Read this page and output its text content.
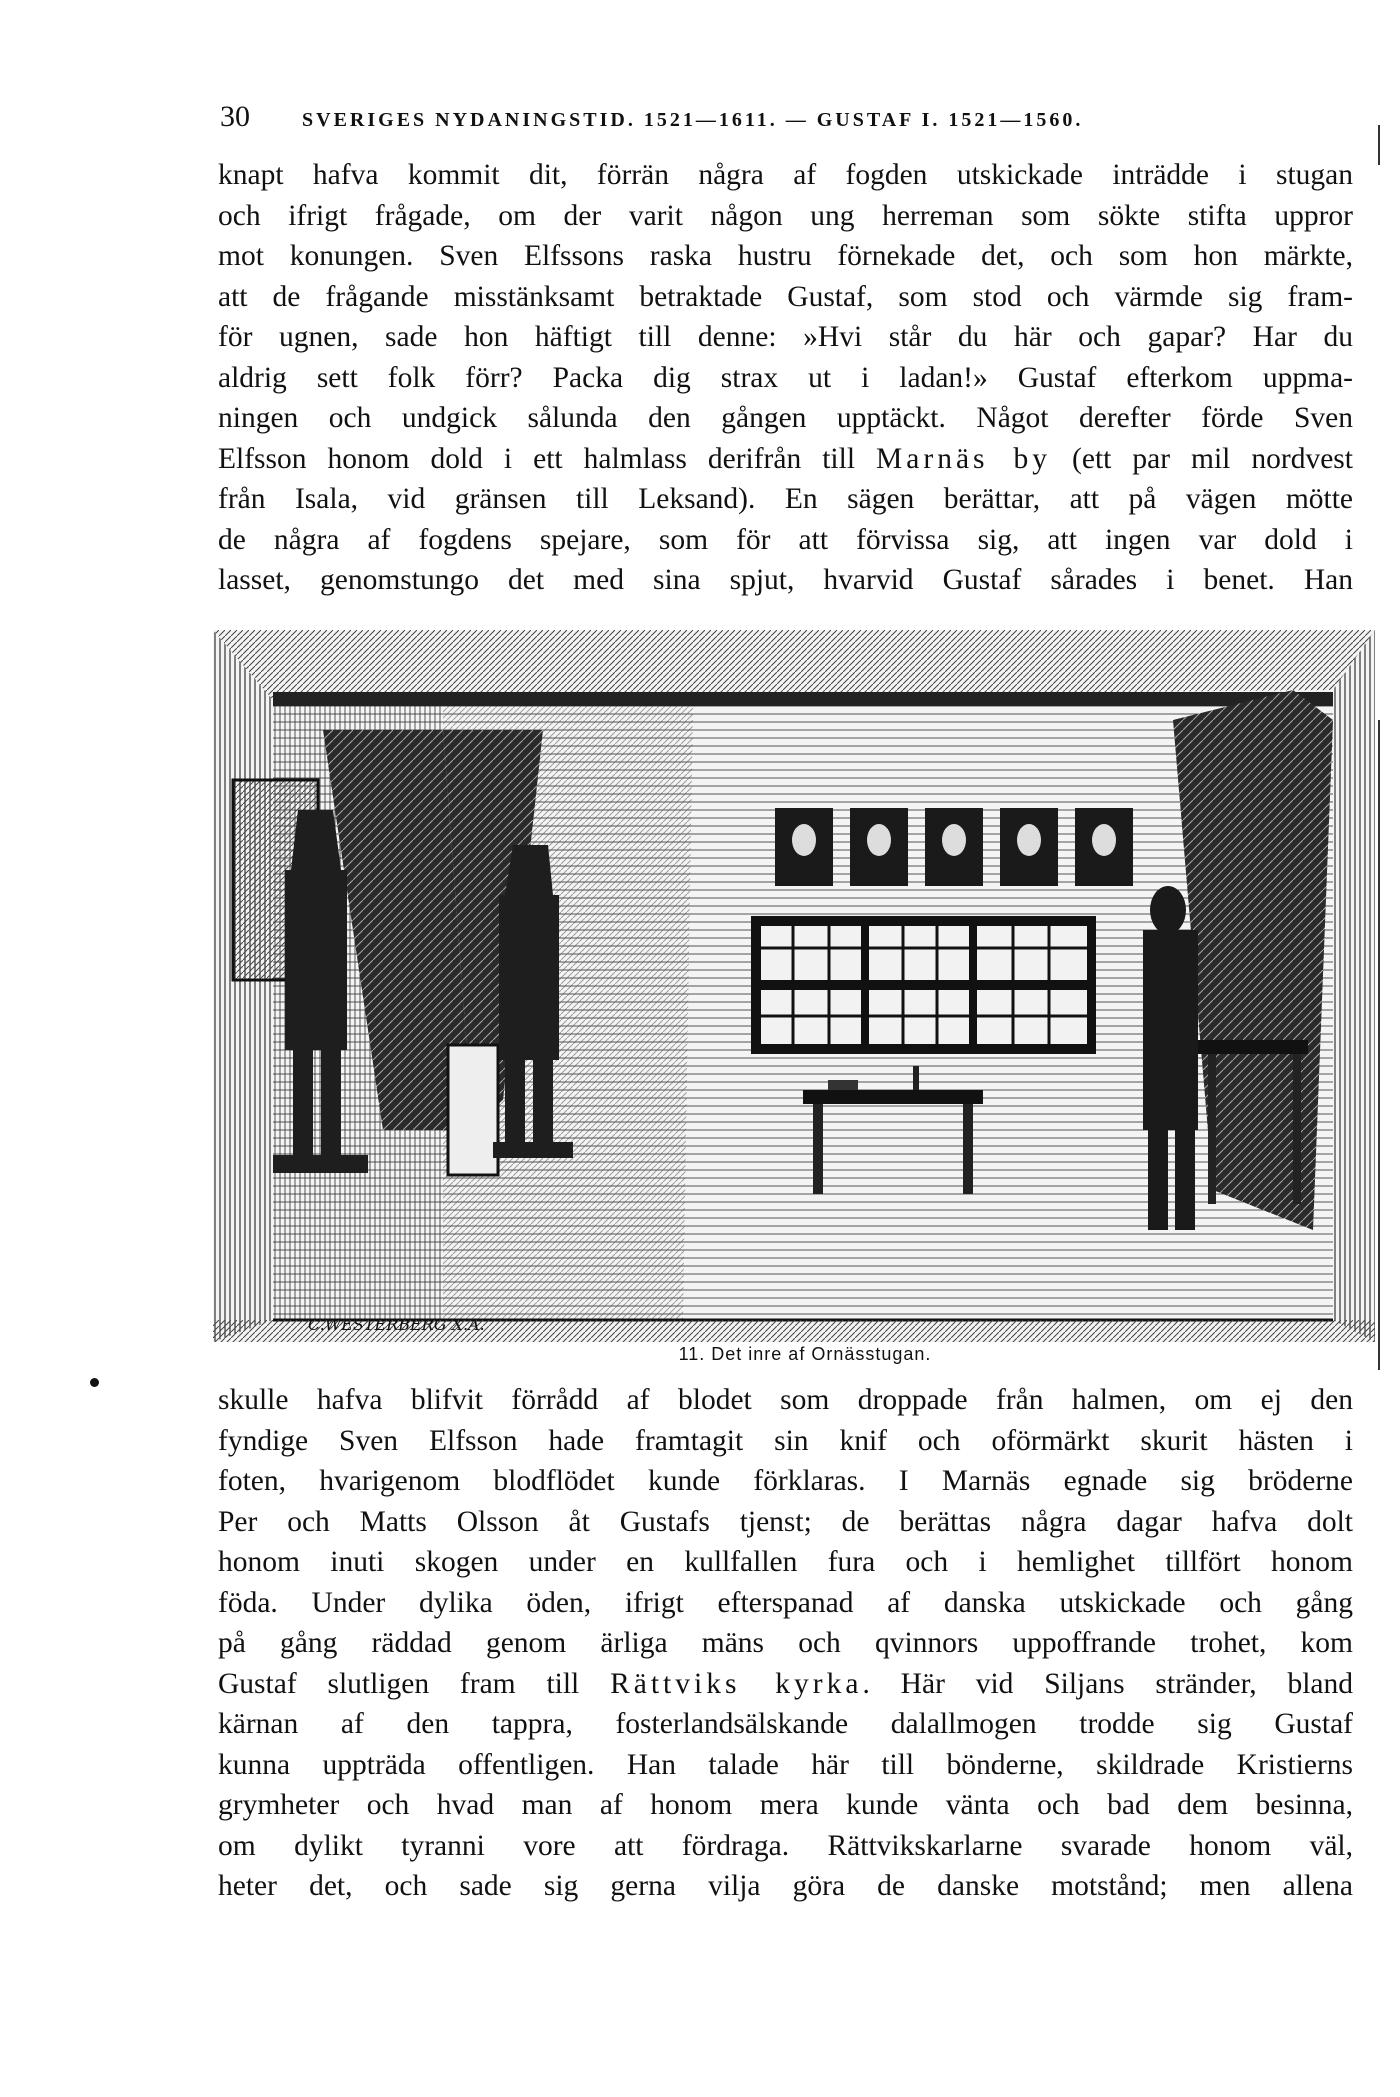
30	SVERIGES NYDANINGSTID. 1521—1611. — GUSTAF I. 1521—1560.
knapt hafva kommit dit, förrän några af fogden utskickade inträdde i stugan
och ifrigt frågade, om der varit någon ung herreman som sökte stifta uppror
mot konungen. Sven Elfssons raska hustru förnekade det, och som hon märkte,
att de frågande misstänksamt betraktade Gustaf, som stod och värmde sig fram-
för ugnen, sade hon häftigt till denne: »Hvi står du här och gapar? Har du
aldrig sett folk förr? Packa dig strax ut i ladan!» Gustaf efterkom uppma-
ningen och undgick sålunda den gången upptäckt. Något derefter förde Sven
Elfsson honom dold i ett halmlass derifrån till Marnäs by (ett par mil nordvest
från Isala, vid gränsen till Leksand). En sägen berättar, att på vägen mötte
de några af fogdens spejare, som för att förvissa sig, att ingen var dold i
lasset, genomstungo det med sina spjut, hvarvid Gustaf sårades i benet. Han
C.WESTERBERG X.A.
11. Det inre af Ornässtugan.
skulle hafva blifvit förrådd af blodet som droppade från halmen, om ej den
fyndige Sven Elfsson hade framtagit sin knif och oförmärkt skurit hästen i
foten, hvarigenom blodflödet kunde förklaras. I Marnäs egnade sig bröderne
Per och Matts Olsson åt Gustafs tjenst; de berättas några dagar hafva dolt
honom inuti skogen under en kullfallen fura och i hemlighet tillfört honom
föda. Under dylika öden, ifrigt efterspanad af danska utskickade och gång
på gång räddad genom ärliga mäns och qvinnors uppoffrande trohet, kom
Gustaf slutligen fram till Rättviks kyrka. Här vid Siljans stränder, bland
kärnan af den tappra, fosterlandsälskande dalallmogen trodde sig Gustaf
kunna uppträda offentligen. Han talade här till bönderne, skildrade Kristierns
grymheter och hvad man af honom mera kunde vänta och bad dem besinna,
om dylikt tyranni vore att fördraga. Rättvikskarlarne svarade honom väl,
heter det, och sade sig gerna vilja göra de danske motstånd; men allena
